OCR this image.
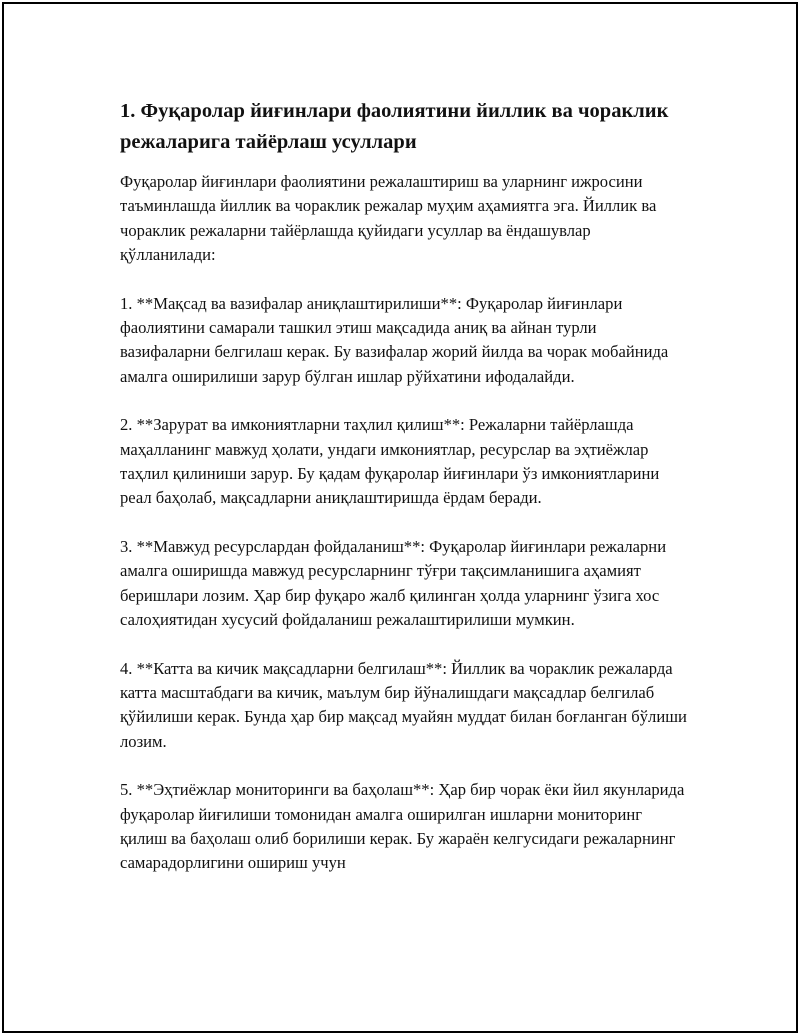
1. Фуқаролар йиғинлари фаолиятини йиллик ва чораклик режаларига тайёрлаш усуллари

Фуқаролар йиғинлари фаолиятини режалаштириш ва уларнинг ижросини таъминлашда йиллик ва чораклик режалар муҳим аҳамиятга эга. Йиллик ва чораклик режаларни тайёрлашда қуйидаги усуллар ва ёндашувлар қўлланилади:

1. **Мақсад ва вазифалар аниқлаштирилиши**: Фуқаролар йиғинлари фаолиятини самарали ташкил этиш мақсадида аниқ ва айнан турли вазифаларни белгилаш керак. Бу вазифалар жорий йилда ва чорак мобайнида амалга оширилиши зарур бўлган ишлар рўйхатини ифодалайди.

2. **Зарурат ва имкониятларни таҳлил қилиш**: Режаларни тайёрлашда маҳалланинг мавжуд ҳолати, ундаги имкониятлар, ресурслар ва эҳтиёжлар таҳлил қилиниши зарур. Бу қадам фуқаролар йиғинлари ўз имкониятларини реал баҳолаб, мақсадларни аниқлаштиришда ёрдам беради.

3. **Мавжуд ресурслардан фойдаланиш**: Фуқаролар йиғинлари режаларни амалга оширишда мавжуд ресурсларнинг тўғри тақсимланишига аҳамият беришлари лозим. Ҳар бир фуқаро жалб қилинган ҳолда уларнинг ўзига хос салоҳиятидан хусусий фойдаланиш режалаштирилиши мумкин.

4. **Катта ва кичик мақсадларни белгилаш**: Йиллик ва чораклик режаларда катта масштабдаги ва кичик, маълум бир йўналишдаги мақсадлар белгилаб қўйилиши керак. Бунда ҳар бир мақсад муайян муддат билан боғланган бўлиши лозим.

5. **Эҳтиёжлар мониторинги ва баҳолаш**: Ҳар бир чорак ёки йил якунларида фуқаролар йиғилиши томонидан амалга оширилган ишларни мониторинг қилиш ва баҳолаш олиб борилиши керак. Бу жараён келгусидаги режаларнинг самарадорлигини ошириш учун
